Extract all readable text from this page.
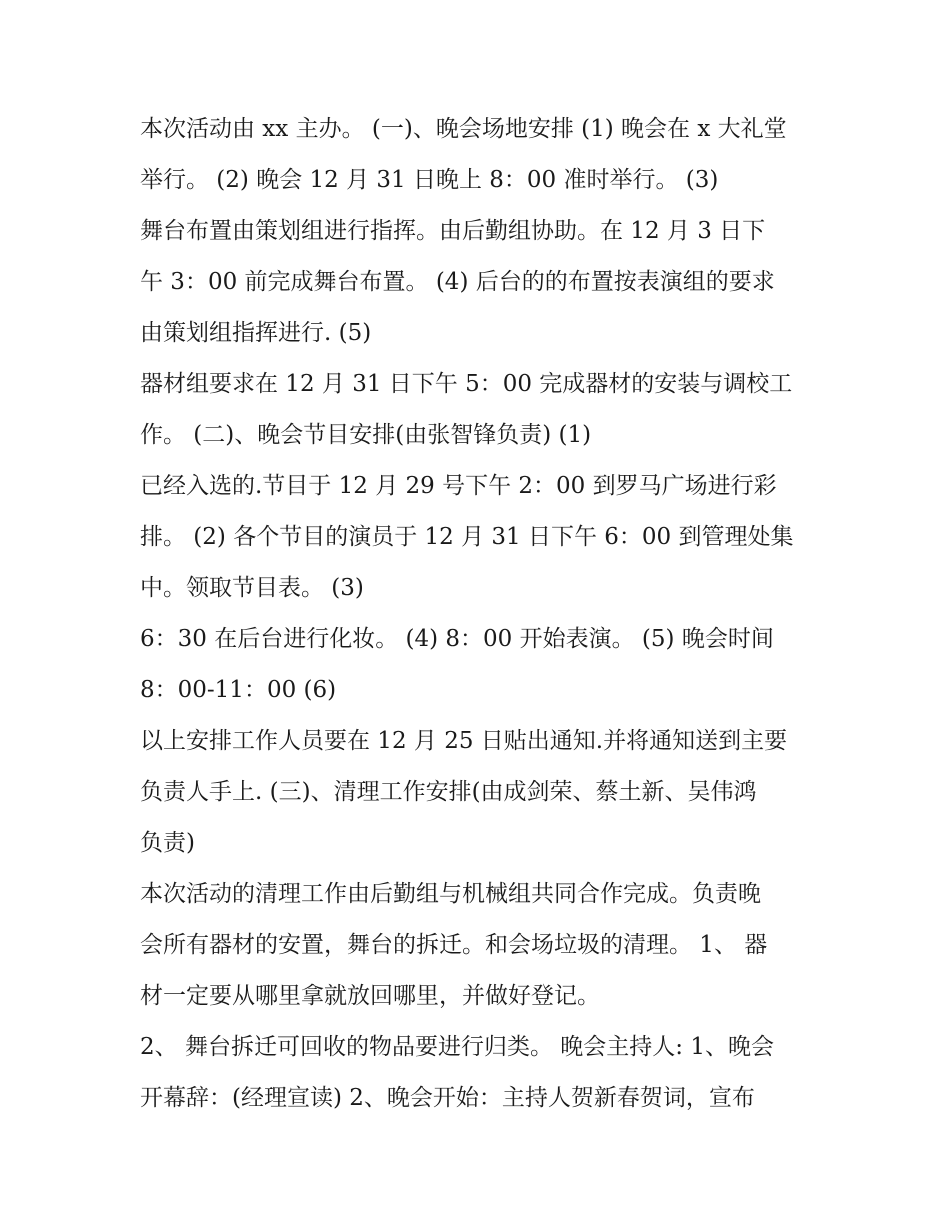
本次活动由 xx 主办。 (一)、晚会场地安排 (1) 晚会在 x 大礼堂
举行。 (2) 晚会 12 月 31 日晚上 8：00 准时举行。 (3)
舞台布置由策划组进行指挥。由后勤组协助。在 12 月 3 日下
午 3：00 前完成舞台布置。 (4) 后台的的布置按表演组的要求
由策划组指挥进行. (5)
器材组要求在 12 月 31 日下午 5：00 完成器材的安装与调校工
作。 (二)、晚会节目安排(由张智锋负责) (1)
已经入选的.节目于 12 月 29 号下午 2：00 到罗马广场进行彩
排。 (2) 各个节目的演员于 12 月 31 日下午 6：00 到管理处集
中。领取节目表。 (3)
6：30 在后台进行化妆。 (4) 8：00 开始表演。 (5) 晚会时间
8：00-11：00 (6)
以上安排工作人员要在 12 月 25 日贴出通知.并将通知送到主要
负责人手上. (三)、清理工作安排(由成剑荣、蔡土新、吴伟鸿
负责)
本次活动的清理工作由后勤组与机械组共同合作完成。负责晚
会所有器材的安置，舞台的拆迁。和会场垃圾的清理。 1、 器
材一定要从哪里拿就放回哪里，并做好登记。
2、 舞台拆迁可回收的物品要进行归类。 晚会主持人: 1、晚会
开幕辞：(经理宣读) 2、晚会开始：主持人贺新春贺词，宣布
